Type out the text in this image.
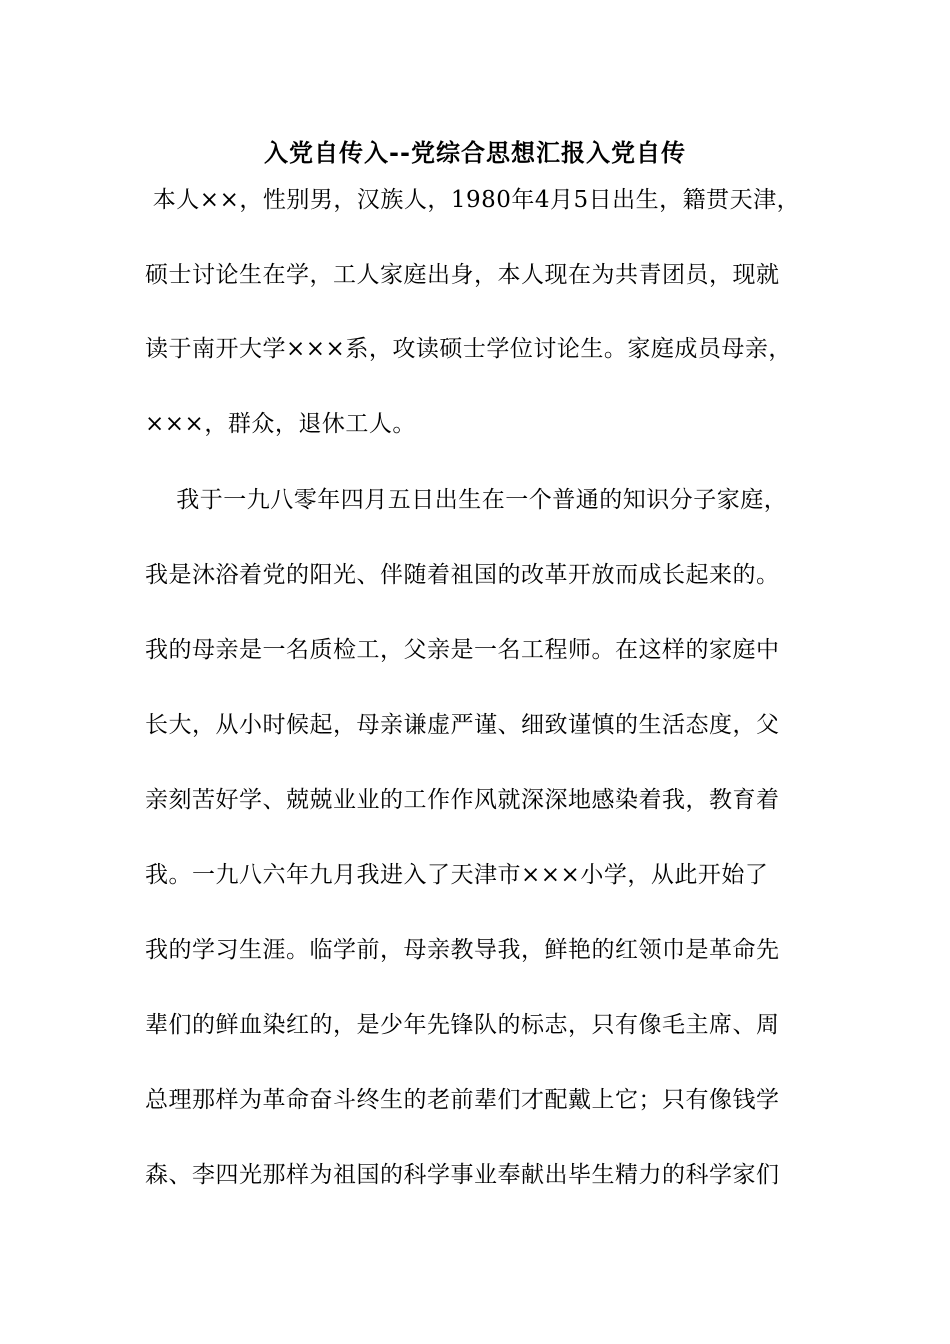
入党自传入--党综合思想汇报入党自传
本人××，性别男，汉族人，1980年4月5日出生，籍贯天津，
硕士讨论生在学，工人家庭出身，本人现在为共青团员，现就
读于南开大学×××系，攻读硕士学位讨论生。家庭成员母亲，
×××，群众，退休工人。
我于一九八零年四月五日出生在一个普通的知识分子家庭，
我是沐浴着党的阳光、伴随着祖国的改革开放而成长起来的。
我的母亲是一名质检工，父亲是一名工程师。在这样的家庭中
长大，从小时候起，母亲谦虚严谨、细致谨慎的生活态度，父
亲刻苦好学、兢兢业业的工作作风就深深地感染着我，教育着
我。一九八六年九月我进入了天津市×××小学，从此开始了
我的学习生涯。临学前，母亲教导我，鲜艳的红领巾是革命先
辈们的鲜血染红的，是少年先锋队的标志，只有像毛主席、周
总理那样为革命奋斗终生的老前辈们才配戴上它；只有像钱学
森、李四光那样为祖国的科学事业奉献出毕生精力的科学家们
